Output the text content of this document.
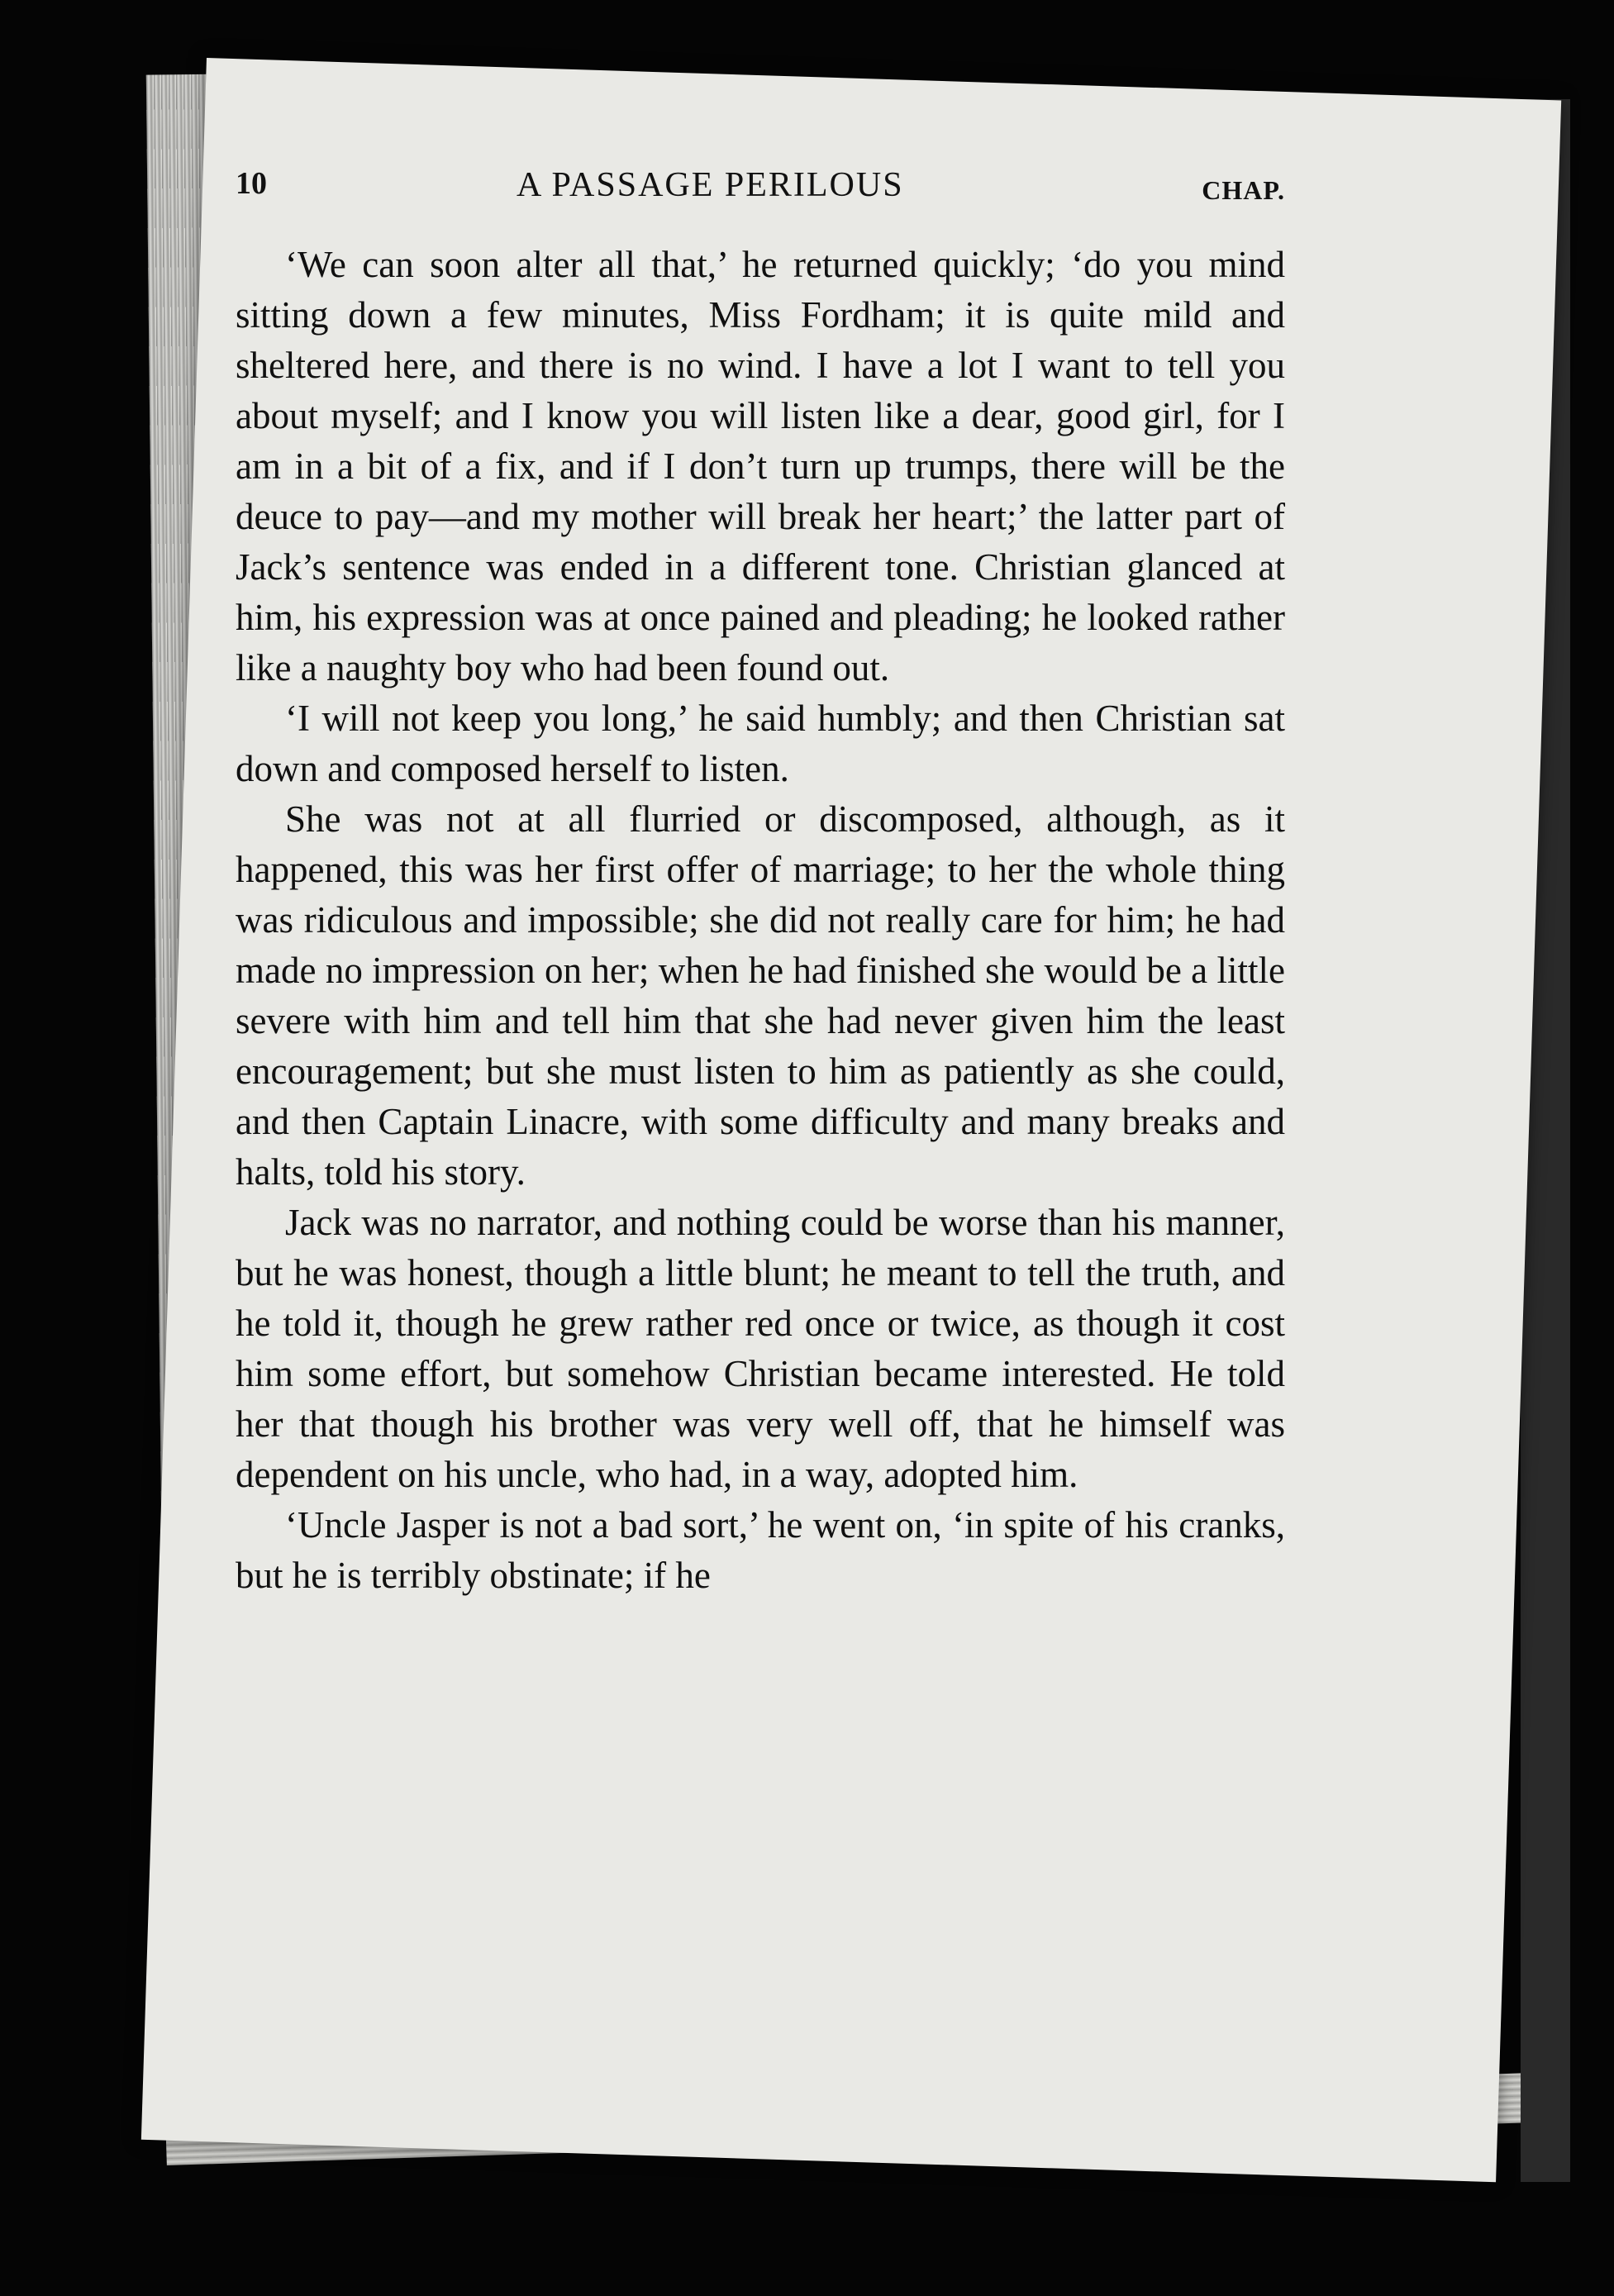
10	A PASSAGE PERILOUS	CHAP.

‘We can soon alter all that,’ he returned quickly; ‘do you mind sitting down a few minutes, Miss Fordham; it is quite mild and sheltered here, and there is no wind. I have a lot I want to tell you about myself; and I know you will listen like a dear, good girl, for I am in a bit of a fix, and if I don’t turn up trumps, there will be the deuce to pay—and my mother will break her heart;’ the latter part of Jack’s sentence was ended in a different tone. Christian glanced at him, his expression was at once pained and pleading; he looked rather like a naughty boy who had been found out.

‘I will not keep you long,’ he said humbly; and then Christian sat down and composed herself to listen.

She was not at all flurried or discomposed, although, as it happened, this was her first offer of marriage; to her the whole thing was ridiculous and impossible; she did not really care for him; he had made no impression on her; when he had finished she would be a little severe with him and tell him that she had never given him the least encouragement; but she must listen to him as patiently as she could, and then Captain Linacre, with some difficulty and many breaks and halts, told his story.

Jack was no narrator, and nothing could be worse than his manner, but he was honest, though a little blunt; he meant to tell the truth, and he told it, though he grew rather red once or twice, as though it cost him some effort, but somehow Christian became interested. He told her that though his brother was very well off, that he himself was dependent on his uncle, who had, in a way, adopted him.

‘Uncle Jasper is not a bad sort,’ he went on, ‘in spite of his cranks, but he is terribly obstinate; if he
